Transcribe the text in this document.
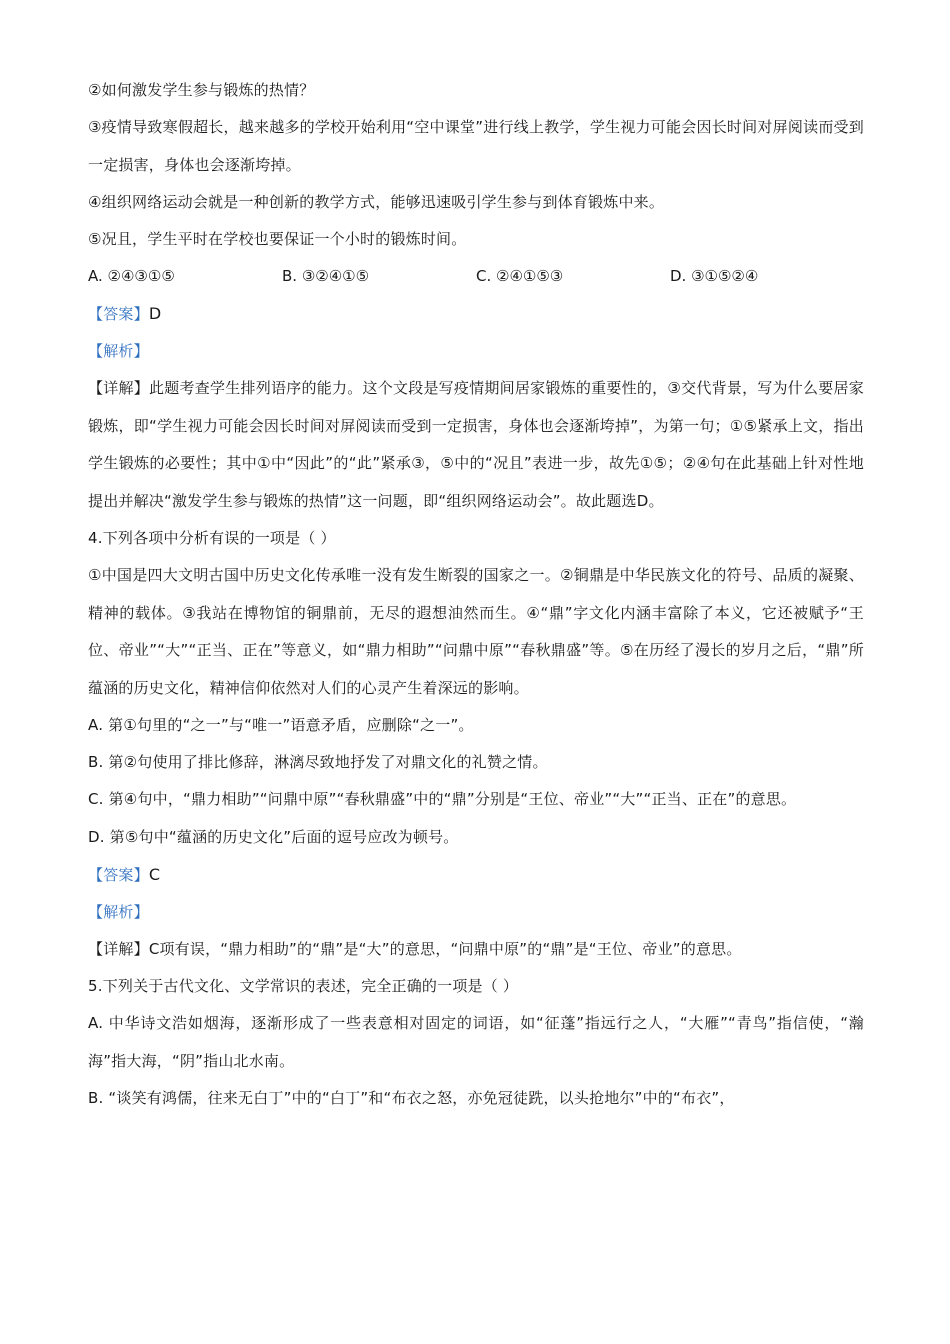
②如何激发学生参与锻炼的热情？
③疫情导致寒假超长，越来越多的学校开始利用“空中课堂”进行线上教学，学生视力可能会因长时间对屏阅读而受到一定损害，身体也会逐渐垮掉。
④组织网络运动会就是一种创新的教学方式，能够迅速吸引学生参与到体育锻炼中来。
⑤况且，学生平时在学校也要保证一个小时的锻炼时间。
A. ②④③①⑤	B. ③②④①⑤	C. ②④①⑤③	D. ③①⑤②④
【答案】D
【解析】
【详解】此题考查学生排列语序的能力。这个文段是写疫情期间居家锻炼的重要性的，③交代背景，写为什么要居家锻炼，即“学生视力可能会因长时间对屏阅读而受到一定损害，身体也会逐渐垮掉”，为第一句；①⑤紧承上文，指出学生锻炼的必要性；其中①中“因此”的“此”紧承③，⑤中的“况且”表进一步，故先①⑤；②④句在此基础上针对性地提出并解决“激发学生参与锻炼的热情”这一问题，即“组织网络运动会”。故此题选D。
4.下列各项中分析有误的一项是（ ）
①中国是四大文明古国中历史文化传承唯一没有发生断裂的国家之一。②铜鼎是中华民族文化的符号、品质的凝聚、精神的载体。③我站在博物馆的铜鼎前，无尽的遐想油然而生。④“鼎”字文化内涵丰富除了本义，它还被赋予“王位、帝业”“大”“正当、正在”等意义，如“鼎力相助”“问鼎中原”“春秋鼎盛”等。⑤在历经了漫长的岁月之后，“鼎”所蕴涵的历史文化，精神信仰依然对人们的心灵产生着深远的影响。
A. 第①句里的“之一”与“唯一”语意矛盾，应删除“之一”。
B. 第②句使用了排比修辞，淋漓尽致地抒发了对鼎文化的礼赞之情。
C. 第④句中，“鼎力相助”“问鼎中原”“春秋鼎盛”中的“鼎”分别是“王位、帝业”“大”“正当、正在”的意思。
D. 第⑤句中“蕴涵的历史文化”后面的逗号应改为顿号。
【答案】C
【解析】
【详解】C项有误，“鼎力相助”的“鼎”是“大”的意思，“问鼎中原”的“鼎”是“王位、帝业”的意思。
5.下列关于古代文化、文学常识的表述，完全正确的一项是（ ）
A. 中华诗文浩如烟海，逐渐形成了一些表意相对固定的词语，如“征蓬”指远行之人，“大雁”“青鸟”指信使，“瀚海”指大海，“阴”指山北水南。
B. “谈笑有鸿儒，往来无白丁”中的“白丁”和“布衣之怒，亦免冠徒跣，以头抢地尔”中的“布衣”，
